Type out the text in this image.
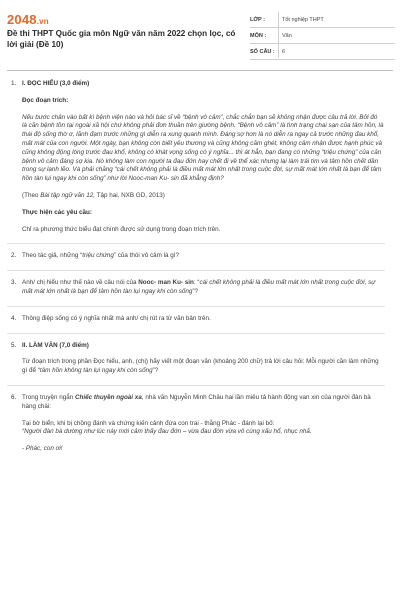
2048.vn
Đề thi THPT Quốc gia môn Ngữ văn năm 2022 chọn lọc, có lời giải (Đề 10)
LỚP :	Tốt nghiệp THPT
MÔN :	Văn
SỐ CÂU :	6
1. I. ĐỌC HIỂU (3,0 điểm)

Đọc đoạn trích:

Nếu bước chân vào bất kì bệnh viện nào và hỏi bác sĩ về “bệnh vô cảm”, chắc chắn bạn sẽ không nhận được câu trả lời. Bởi đó là căn bệnh tồn tại ngoài xã hội chứ không phải đơn thuần trên giường bệnh. “Bệnh vô cảm” là tình trạng chai sạn của tâm hồn, là thái độ sống thờ ơ, lãnh đạm trước những gì diễn ra xung quanh mình. Đáng sợ hơn là nó diễn ra ngay cả trước những đau khổ, mất mát của con người. Một ngày, bạn không còn biết yêu thương và cũng không căm ghét, không cảm nhận được hạnh phúc và cũng không động lòng trước đau khổ, không có khát vọng sống có ý nghĩa... thì át hẳn, bạn đang có những “triệu chứng” của căn bệnh vô cảm đáng sợ kia. Nó không làm con người ta đau đớn hay chết đi về thể xác nhưng lại làm trái tim và tâm hồn chết dần trong sự lạnh lẽo. Và phải chăng “cái chết không phải là điều mất mát lớn nhất trong cuộc đời, sự mất mát lớn nhất là bạn để tâm hồn tàn lụi ngay khi còn sống” như lời Nooc-man Ku- sin đã khẳng định?

(Theo Bài tập ngữ văn 12, Tập hai, NXB GD, 2013)

Thực hiện các yêu cầu:

Chỉ ra phương thức biểu đạt chính được sử dụng trong đoạn trích trên.

2. Theo tác giả, những “triệu chứng” của thói vô cảm là gì?

3. Anh/ chị hiểu như thế nào về câu nói của Nooc- man Ku- sin: “cái chết không phải là điều mất mát lớn nhất trong cuộc đời, sự mất mát lớn nhất là bạn để tâm hồn tàn lụi ngay khi còn sống”?

4. Thông điệp sống có ý nghĩa nhất mà anh/ chị rút ra từ văn bản trên.

5. II. LÀM VĂN (7,0 điểm)

Từ đoạn trích trong phần Đọc hiểu, anh, (chị) hãy viết một đoạn văn (khoảng 200 chữ) trả lời câu hỏi: Mỗi người cần làm những gì để “tâm hồn không tàn lụi ngay khi còn sống”?

6. Trong truyện ngắn Chiếc thuyền ngoài xa, nhà văn Nguyễn Minh Châu hai lần miêu tả hành động van xin của người đàn bà hàng chài:

Tại bờ biển, khi bị chồng đánh và chứng kiến cảnh đứa con trai - thằng Phác - đánh lại bố:

“Người đàn bà dường như lúc này mới cảm thấy đau đớn – vừa đau đớn vừa vô cùng xấu hổ, nhục nhã.

- Phác, con ơi!
